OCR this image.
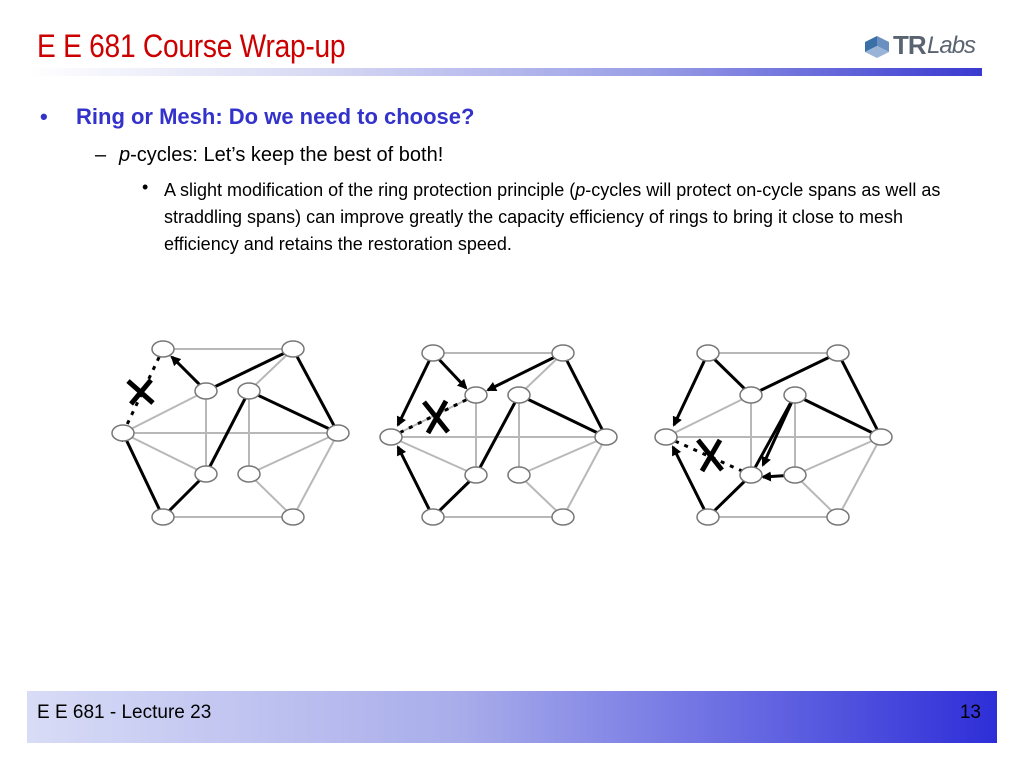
E E 681 Course Wrap-up	TR Labs
• Ring or Mesh: Do we need to choose?
– p-cycles: Let’s keep the best of both!
• A slight modification of the ring protection principle (p-cycles will protect on-cycle spans as well as straddling spans) can improve greatly the capacity efficiency of rings to bring it close to mesh efficiency and retains the restoration speed.
E E 681 - Lecture 23	13
